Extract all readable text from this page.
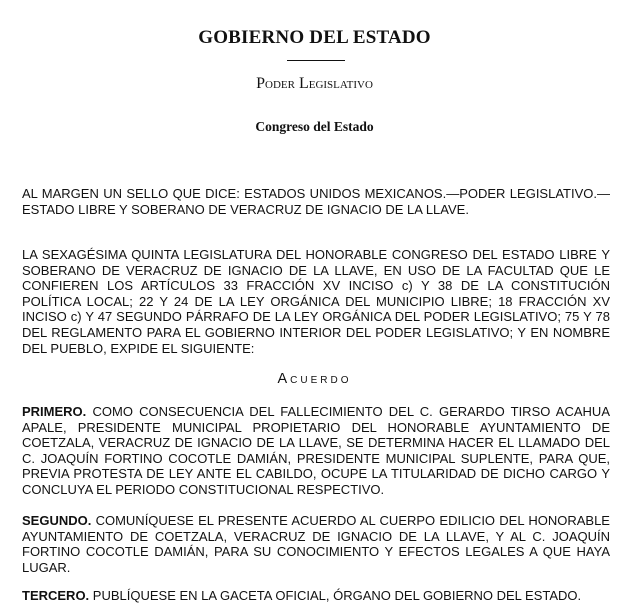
GOBIERNO DEL ESTADO
Poder Legislativo
Congreso del Estado

AL MARGEN UN SELLO QUE DICE: ESTADOS UNIDOS MEXICANOS.—PODER LEGISLATIVO.—ESTADO LIBRE Y SOBERANO DE VERACRUZ DE IGNACIO DE LA LLAVE.

LA SEXAGÉSIMA QUINTA LEGISLATURA DEL HONORABLE CONGRESO DEL ESTADO LIBRE Y SOBERANO DE VERACRUZ DE IGNACIO DE LA LLAVE, EN USO DE LA FACULTAD QUE LE CONFIEREN LOS ARTÍCULOS 33 FRACCIÓN XV INCISO c) Y 38 DE LA CONSTITUCIÓN POLÍTICA LOCAL; 22 Y 24 DE LA LEY ORGÁNICA DEL MUNICIPIO LIBRE; 18 FRACCIÓN XV INCISO c) Y 47 SEGUNDO PÁRRAFO DE LA LEY ORGÁNICA DEL PODER LEGISLATIVO; 75 Y 78 DEL REGLAMENTO PARA EL GOBIERNO INTERIOR DEL PODER LEGISLATIVO; Y EN NOMBRE DEL PUEBLO, EXPIDE EL SIGUIENTE:

Acuerdo

PRIMERO. COMO CONSECUENCIA DEL FALLECIMIENTO DEL C. GERARDO TIRSO ACAHUA APALE, PRESIDENTE MUNICIPAL PROPIETARIO DEL HONORABLE AYUNTAMIENTO DE COETZALA, VERACRUZ DE IGNACIO DE LA LLAVE, SE DETERMINA HACER EL LLAMADO DEL C. JOAQUÍN FORTINO COCOTLE DAMIÁN, PRESIDENTE MUNICIPAL SUPLENTE, PARA QUE, PREVIA PROTESTA DE LEY ANTE EL CABILDO, OCUPE LA TITULARIDAD DE DICHO CARGO Y CONCLUYA EL PERIODO CONSTITUCIONAL RESPECTIVO.

SEGUNDO. COMUNÍQUESE EL PRESENTE ACUERDO AL CUERPO EDILICIO DEL HONORABLE AYUNTAMIENTO DE COETZALA, VERACRUZ DE IGNACIO DE LA LLAVE, Y AL C. JOAQUÍN FORTINO COCOTLE DAMIÁN, PARA SU CONOCIMIENTO Y EFECTOS LEGALES A QUE HAYA LUGAR.

TERCERO. PUBLÍQUESE EN LA GACETA OFICIAL, ÓRGANO DEL GOBIERNO DEL ESTADO.
